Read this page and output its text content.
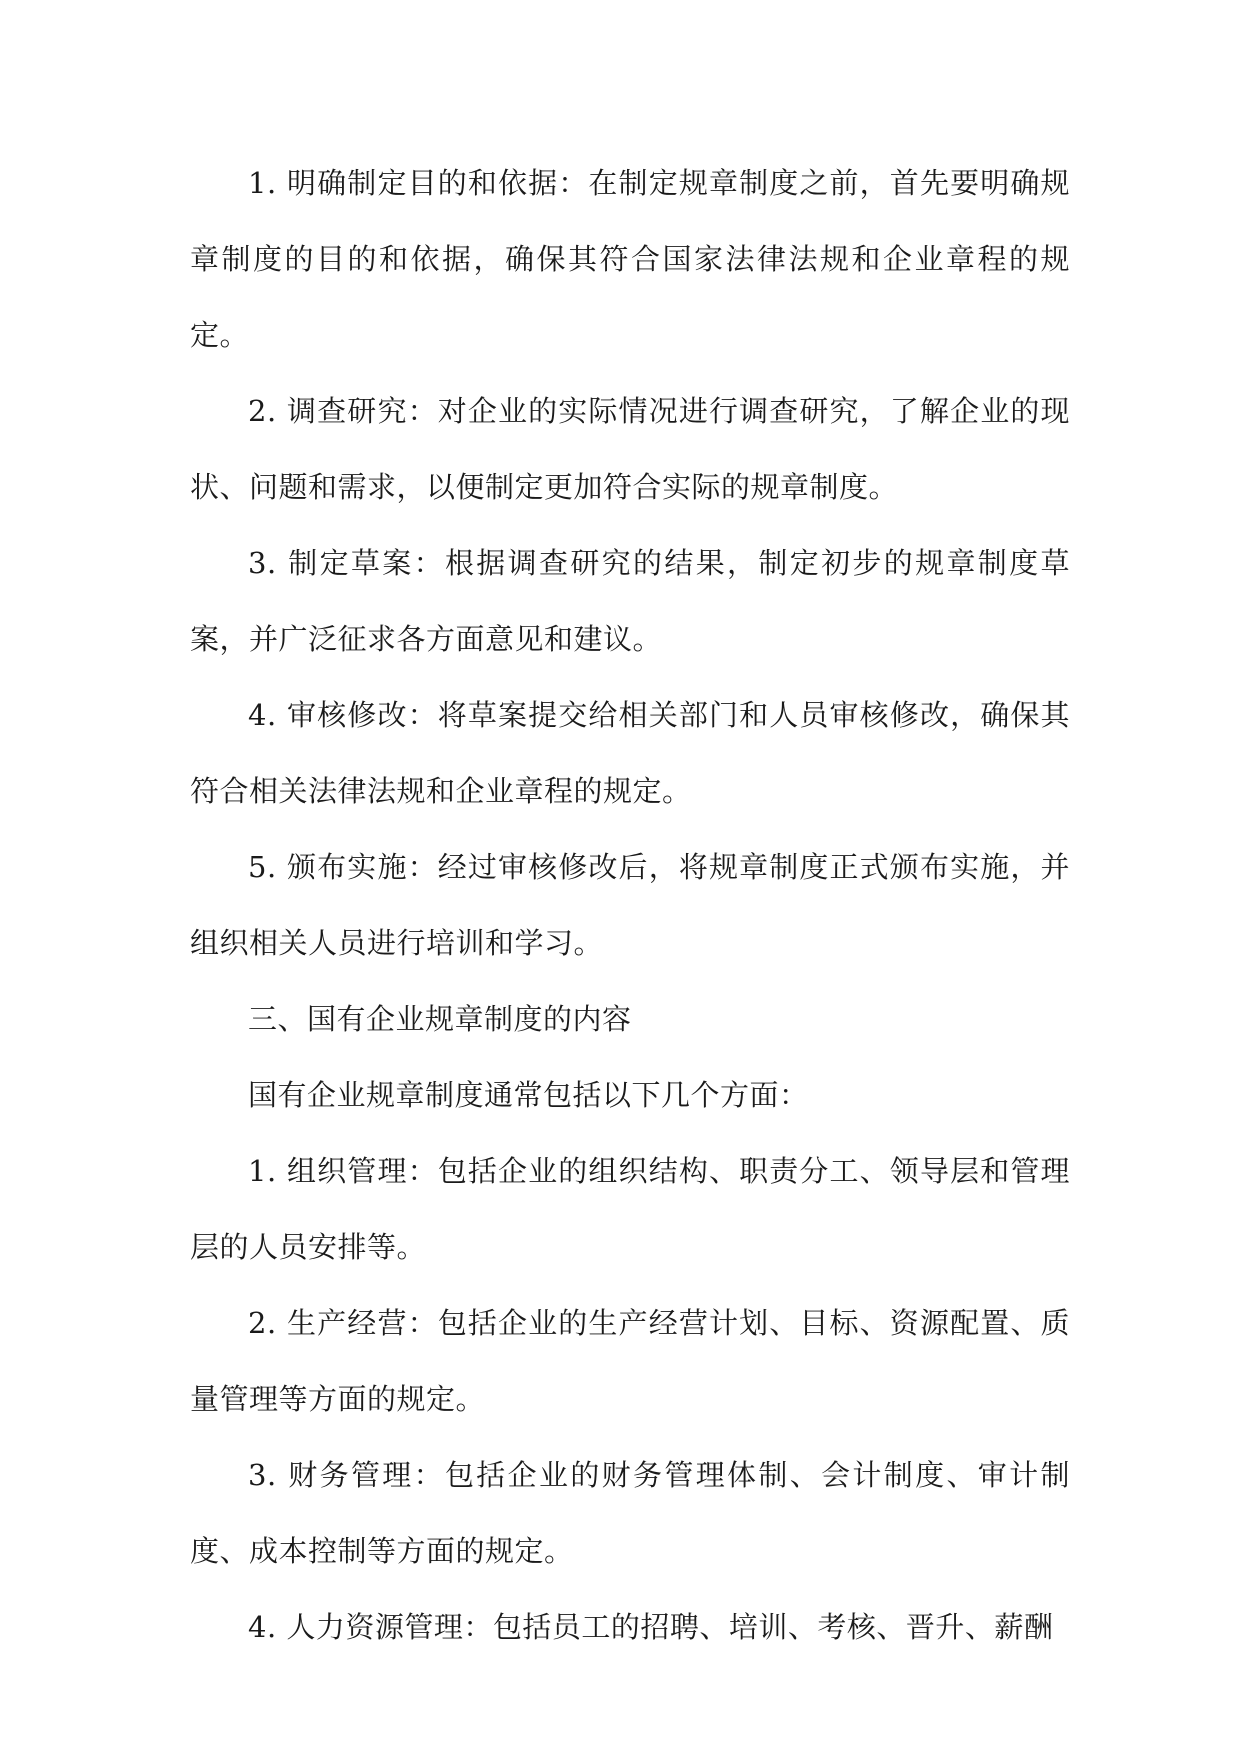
1. 明确制定目的和依据：在制定规章制度之前，首先要明确规章制度的目的和依据，确保其符合国家法律法规和企业章程的规定。

2. 调查研究：对企业的实际情况进行调查研究，了解企业的现状、问题和需求，以便制定更加符合实际的规章制度。

3. 制定草案：根据调查研究的结果，制定初步的规章制度草案，并广泛征求各方面意见和建议。

4. 审核修改：将草案提交给相关部门和人员审核修改，确保其符合相关法律法规和企业章程的规定。

5. 颁布实施：经过审核修改后，将规章制度正式颁布实施，并组织相关人员进行培训和学习。

三、国有企业规章制度的内容

国有企业规章制度通常包括以下几个方面：

1. 组织管理：包括企业的组织结构、职责分工、领导层和管理层的人员安排等。

2. 生产经营：包括企业的生产经营计划、目标、资源配置、质量管理等方面的规定。

3. 财务管理：包括企业的财务管理体制、会计制度、审计制度、成本控制等方面的规定。

4. 人力资源管理：包括员工的招聘、培训、考核、晋升、薪酬
